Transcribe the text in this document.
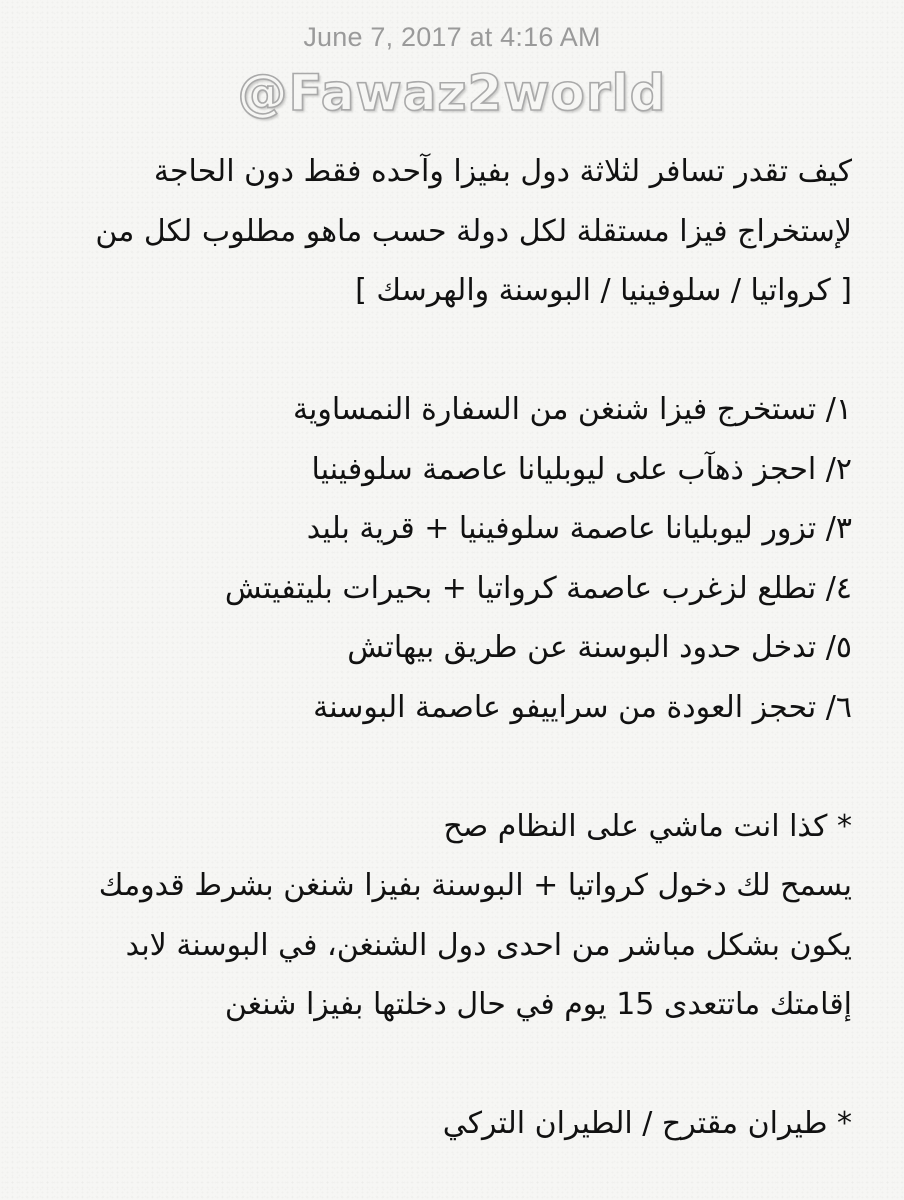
June 7, 2017 at 4:16 AM
@Fawaz2world
كيف تقدر تسافر لثلاثة دول بفيزا وآحده فقط دون الحاجة
لإستخراج فيزا مستقلة لكل دولة حسب ماهو مطلوب لكل من
[ كرواتيا / سلوفينيا / البوسنة والهرسك ]
١/ تستخرج فيزا شنغن من السفارة النمساوية
٢/ احجز ذهآب على ليوبليانا عاصمة سلوفينيا
٣/ تزور ليوبليانا عاصمة سلوفينيا + قرية بليد
٤/ تطلع لزغرب عاصمة كرواتيا + بحيرات بليتفيتش
٥/ تدخل حدود البوسنة عن طريق بيهاتش
٦/ تحجز العودة من سراييفو عاصمة البوسنة
* كذا انت ماشي على النظام صح
يسمح لك دخول كرواتيا + البوسنة بفيزا شنغن بشرط قدومك
يكون بشكل مباشر من احدى دول الشنغن، في البوسنة لابد
إقامتك ماتتعدى 15 يوم في حال دخلتها بفيزا شنغن
* طيران مقترح / الطيران التركي
